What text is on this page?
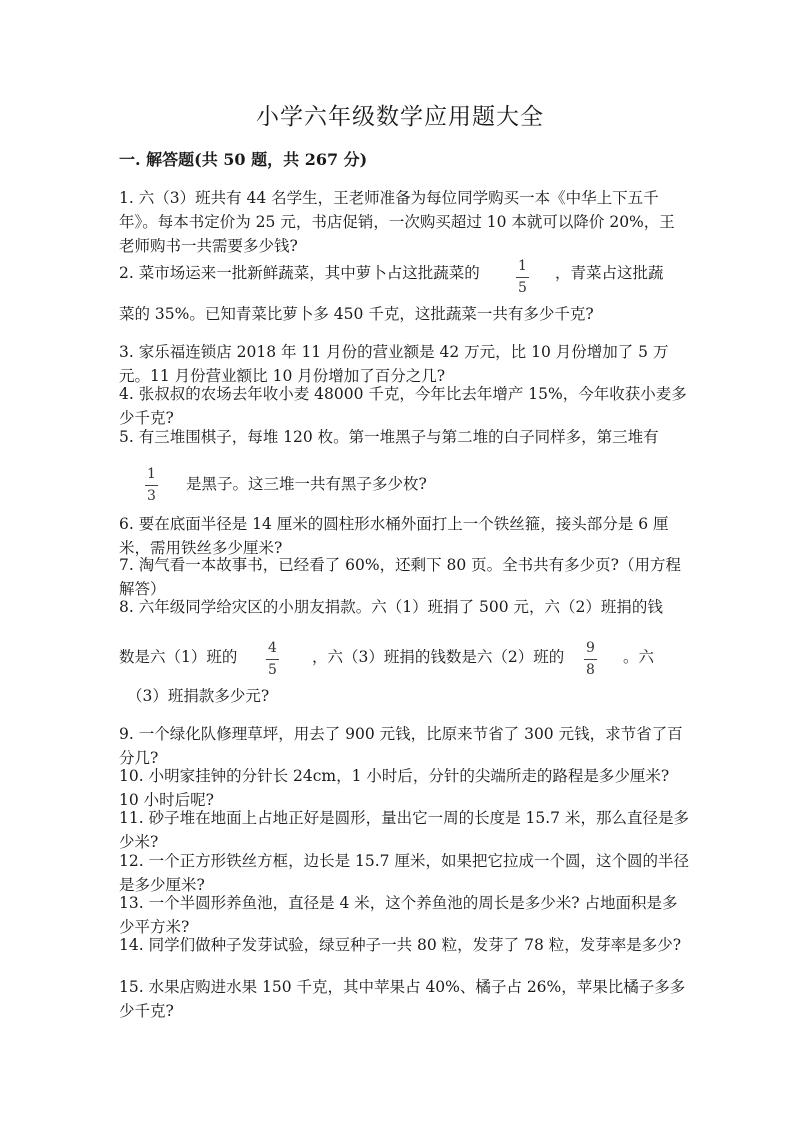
小学六年级数学应用题大全
一. 解答题(共 50 题，共 267 分)
1. 六（3）班共有 44 名学生，王老师准备为每位同学购买一本《中华上下五千年》。每本书定价为 25 元，书店促销，一次购买超过 10 本就可以降价 20%，王老师购书一共需要多少钱?
2. 菜市场运来一批新鲜蔬菜，其中萝卜占这批蔬菜的	1
5
，青菜占这批蔬
菜的 35%。已知青菜比萝卜多 450 千克，这批蔬菜一共有多少千克?
3. 家乐福连锁店 2018 年 11 月份的营业额是 42 万元，比 10 月份增加了 5 万元。11 月份营业额比 10 月份增加了百分之几?
4. 张叔叔的农场去年收小麦 48000 千克，今年比去年增产 15%，今年收获小麦多少千克?
5. 有三堆围棋子，每堆 120 枚。第一堆黑子与第二堆的白子同样多，第三堆有
1
3
是黑子。这三堆一共有黑子多少枚?
6. 要在底面半径是 14 厘米的圆柱形水桶外面打上一个铁丝箍，接头部分是 6 厘米，需用铁丝多少厘米?
7. 淘气看一本故事书，已经看了 60%，还剩下 80 页。全书共有多少页?（用方程解答）
8. 六年级同学给灾区的小朋友捐款。六（1）班捐了 500 元，六（2）班捐的钱
数是六（1）班的 4
5
，六（3）班捐的钱数是六（2）班的 9
8
。六
（3）班捐款多少元?
9. 一个绿化队修理草坪，用去了 900 元钱，比原来节省了 300 元钱，求节省了百分几?
10. 小明家挂钟的分针长 24cm，1 小时后，分针的尖端所走的路程是多少厘米? 10 小时后呢?
11. 砂子堆在地面上占地正好是圆形，量出它一周的长度是 15.7 米，那么直径是多少米?
12. 一个正方形铁丝方框，边长是 15.7 厘米，如果把它拉成一个圆，这个圆的半径是多少厘米?
13. 一个半圆形养鱼池，直径是 4 米，这个养鱼池的周长是多少米? 占地面积是多少平方米?
14. 同学们做种子发芽试验，绿豆种子一共 80 粒，发芽了 78 粒，发芽率是多少?
15. 水果店购进水果 150 千克，其中苹果占 40%、橘子占 26%，苹果比橘子多多少千克?
